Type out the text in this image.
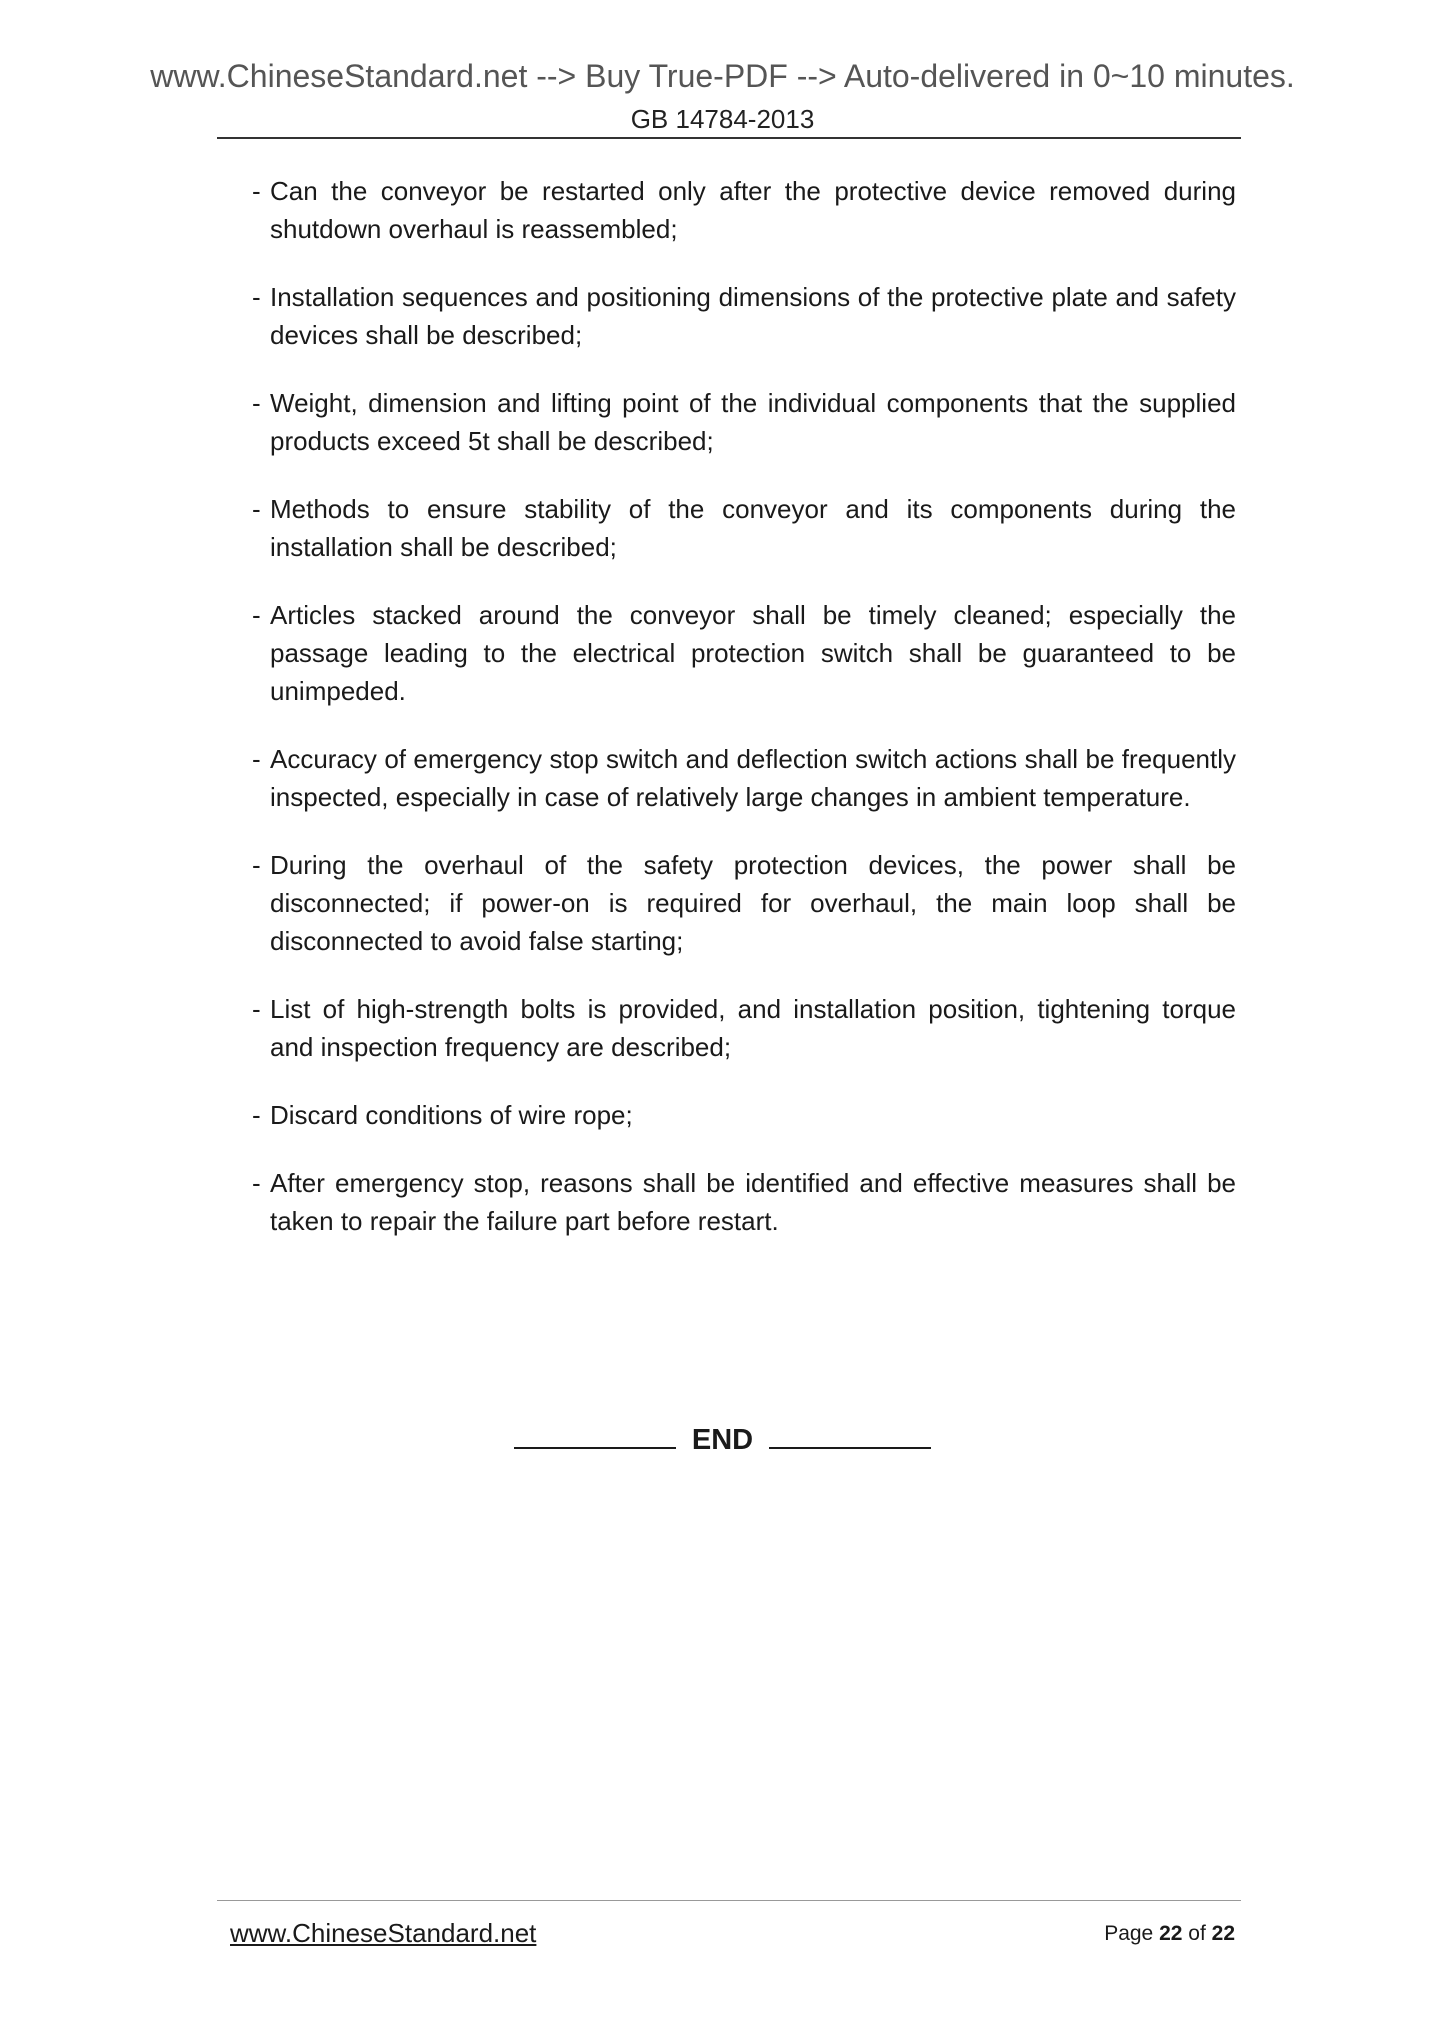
www.ChineseStandard.net --> Buy True-PDF --> Auto-delivered in 0~10 minutes.
GB 14784-2013
- Can the conveyor be restarted only after the protective device removed during shutdown overhaul is reassembled;
- Installation sequences and positioning dimensions of the protective plate and safety devices shall be described;
- Weight, dimension and lifting point of the individual components that the supplied products exceed 5t shall be described;
- Methods to ensure stability of the conveyor and its components during the installation shall be described;
- Articles stacked around the conveyor shall be timely cleaned; especially the passage leading to the electrical protection switch shall be guaranteed to be unimpeded.
- Accuracy of emergency stop switch and deflection switch actions shall be frequently inspected, especially in case of relatively large changes in ambient temperature.
- During the overhaul of the safety protection devices, the power shall be disconnected; if power-on is required for overhaul, the main loop shall be disconnected to avoid false starting;
- List of high-strength bolts is provided, and installation position, tightening torque and inspection frequency are described;
- Discard conditions of wire rope;
- After emergency stop, reasons shall be identified and effective measures shall be taken to repair the failure part before restart.
END
www.ChineseStandard.net	Page 22 of 22
